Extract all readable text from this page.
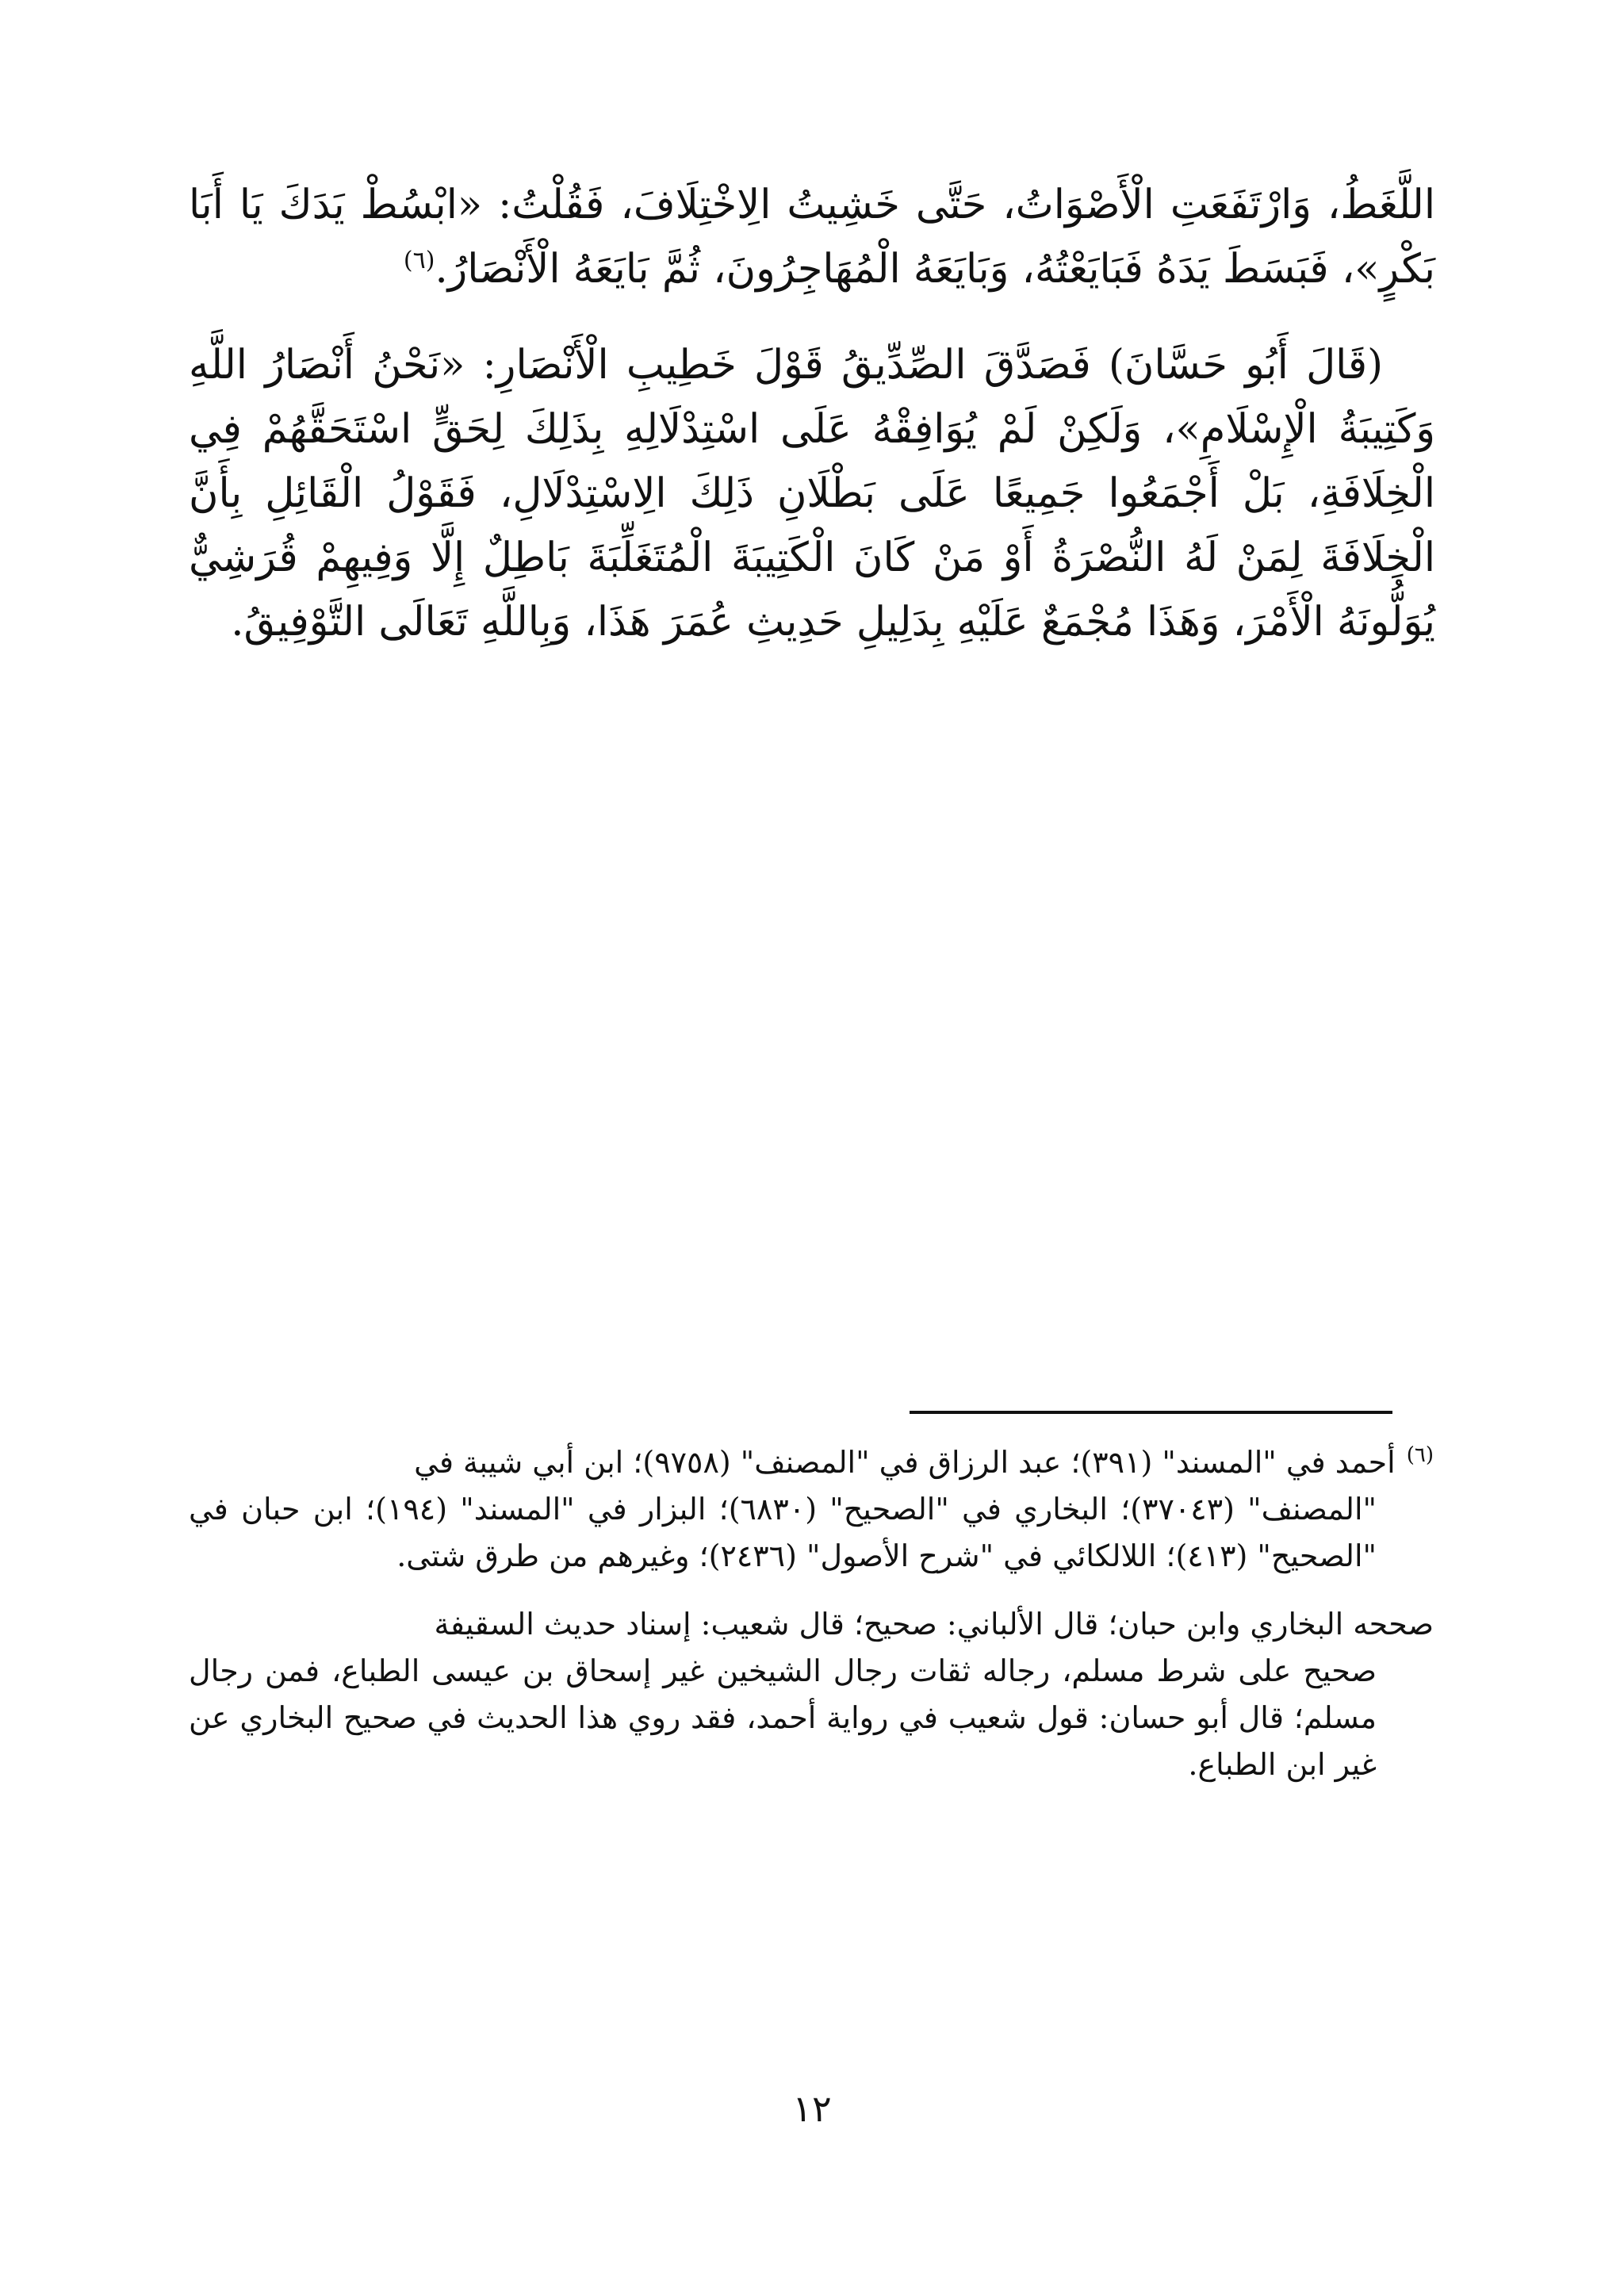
اللَّغَطُ، وَارْتَفَعَتِ الْأَصْوَاتُ، حَتَّى خَشِيتُ الِاخْتِلَافَ، فَقُلْتُ: «ابْسُطْ يَدَكَ يَا أَبَا بَكْرٍ»، فَبَسَطَ يَدَهُ فَبَايَعْتُهُ، وَبَايَعَهُ الْمُهَاجِرُونَ، ثُمَّ بَايَعَهُ الْأَنْصَارُ.$^{(٦)}$

(قَالَ أَبُو حَسَّانَ) فَصَدَّقَ الصِّدِّيقُ قَوْلَ خَطِيبِ الْأَنْصَارِ: «نَحْنُ أَنْصَارُ اللَّهِ وَكَتِيبَةُ الْإِسْلَامِ»، وَلَكِنْ لَمْ يُوَافِقْهُ عَلَى اسْتِدْلَالِهِ بِذَلِكَ لِحَقٍّ اسْتَحَقَّهُمْ فِي الْخِلَافَةِ، بَلْ أَجْمَعُوا جَمِيعًا عَلَى بَطْلَانِ ذَلِكَ الِاسْتِدْلَالِ، فَقَوْلُ الْقَائِلِ بِأَنَّ الْخِلَافَةَ لِمَنْ لَهُ النُّصْرَةُ أَوْ مَنْ كَانَ الْكَتِيبَةَ الْمُتَغَلِّبَةَ بَاطِلٌ إِلَّا وَفِيهِمْ قُرَشِيٌّ يُوَلُّونَهُ الْأَمْرَ، وَهَذَا مُجْمَعٌ عَلَيْهِ بِدَلِيلِ حَدِيثِ عُمَرَ هَذَا، وَبِاللَّهِ تَعَالَى التَّوْفِيقُ.

$^{(٦)}$أحمد في "المسند" (٣٩١)؛ عبد الرزاق في "المصنف" (٩٧٥٨)؛ ابن أبي شيبة في

"المصنف" (٣٧٠٤٣)؛ البخاري في "الصحيح" (٦٨٣٠)؛ البزار في "المسند" (١٩٤)؛ ابن حبان في "الصحيح" (٤١٣)؛ اللالكائي في "شرح الأصول" (٢٤٣٦)؛ وغيرهم من طرق شتى.

صححه البخاري وابن حبان؛ قال الألباني: صحيح؛ قال شعيب: إسناد حديث السقيفة

صحيح على شرط مسلم، رجاله ثقات رجال الشيخين غير إسحاق بن عيسى الطباع، فمن رجال مسلم؛ قال أبو حسان: قول شعيب في رواية أحمد، فقد روي هذا الحديث في صحيح البخاري عن غير ابن الطباع.

١٢
